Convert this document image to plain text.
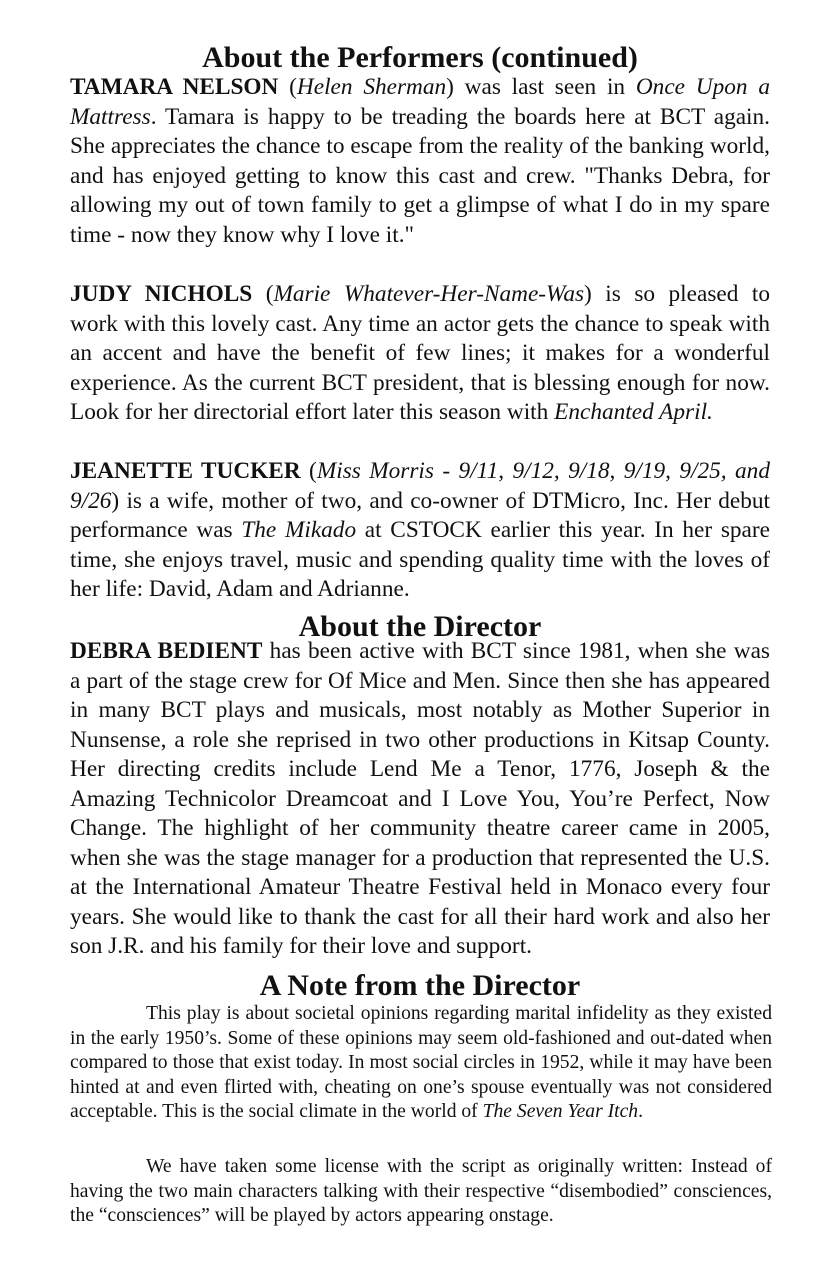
About the Performers (continued)

TAMARA NELSON (Helen Sherman) was last seen in Once Upon a Mattress. Tamara is happy to be treading the boards here at BCT again. She appreciates the chance to escape from the reality of the banking world, and has enjoyed getting to know this cast and crew. "Thanks Debra, for allowing my out of town family to get a glimpse of what I do in my spare time - now they know why I love it."

JUDY NICHOLS (Marie Whatever-Her-Name-Was) is so pleased to work with this lovely cast. Any time an actor gets the chance to speak with an accent and have the benefit of few lines; it makes for a wonderful experience. As the current BCT president, that is blessing enough for now. Look for her directorial effort later this season with Enchanted April.

JEANETTE TUCKER (Miss Morris - 9/11, 9/12, 9/18, 9/19, 9/25, and 9/26) is a wife, mother of two, and co-owner of DTMicro, Inc. Her debut performance was The Mikado at CSTOCK earlier this year. In her spare time, she enjoys travel, music and spending quality time with the loves of her life: David, Adam and Adrianne.

About the Director

DEBRA BEDIENT has been active with BCT since 1981, when she was a part of the stage crew for Of Mice and Men. Since then she has appeared in many BCT plays and musicals, most notably as Mother Superior in Nunsense, a role she reprised in two other productions in Kitsap County. Her directing credits include Lend Me a Tenor, 1776, Joseph & the Amazing Technicolor Dreamcoat and I Love You, You’re Perfect, Now Change. The highlight of her community theatre career came in 2005, when she was the stage manager for a production that represented the U.S. at the International Amateur Theatre Festival held in Monaco every four years. She would like to thank the cast for all their hard work and also her son J.R. and his family for their love and support.

A Note from the Director

This play is about societal opinions regarding marital infidelity as they existed in the early 1950’s. Some of these opinions may seem old-fashioned and out-dated when compared to those that exist today. In most social circles in 1952, while it may have been hinted at and even flirted with, cheating on one’s spouse eventually was not considered acceptable. This is the social climate in the world of The Seven Year Itch.

We have taken some license with the script as originally written: Instead of having the two main characters talking with their respective “disembodied” consciences, the “consciences” will be played by actors appearing onstage.
